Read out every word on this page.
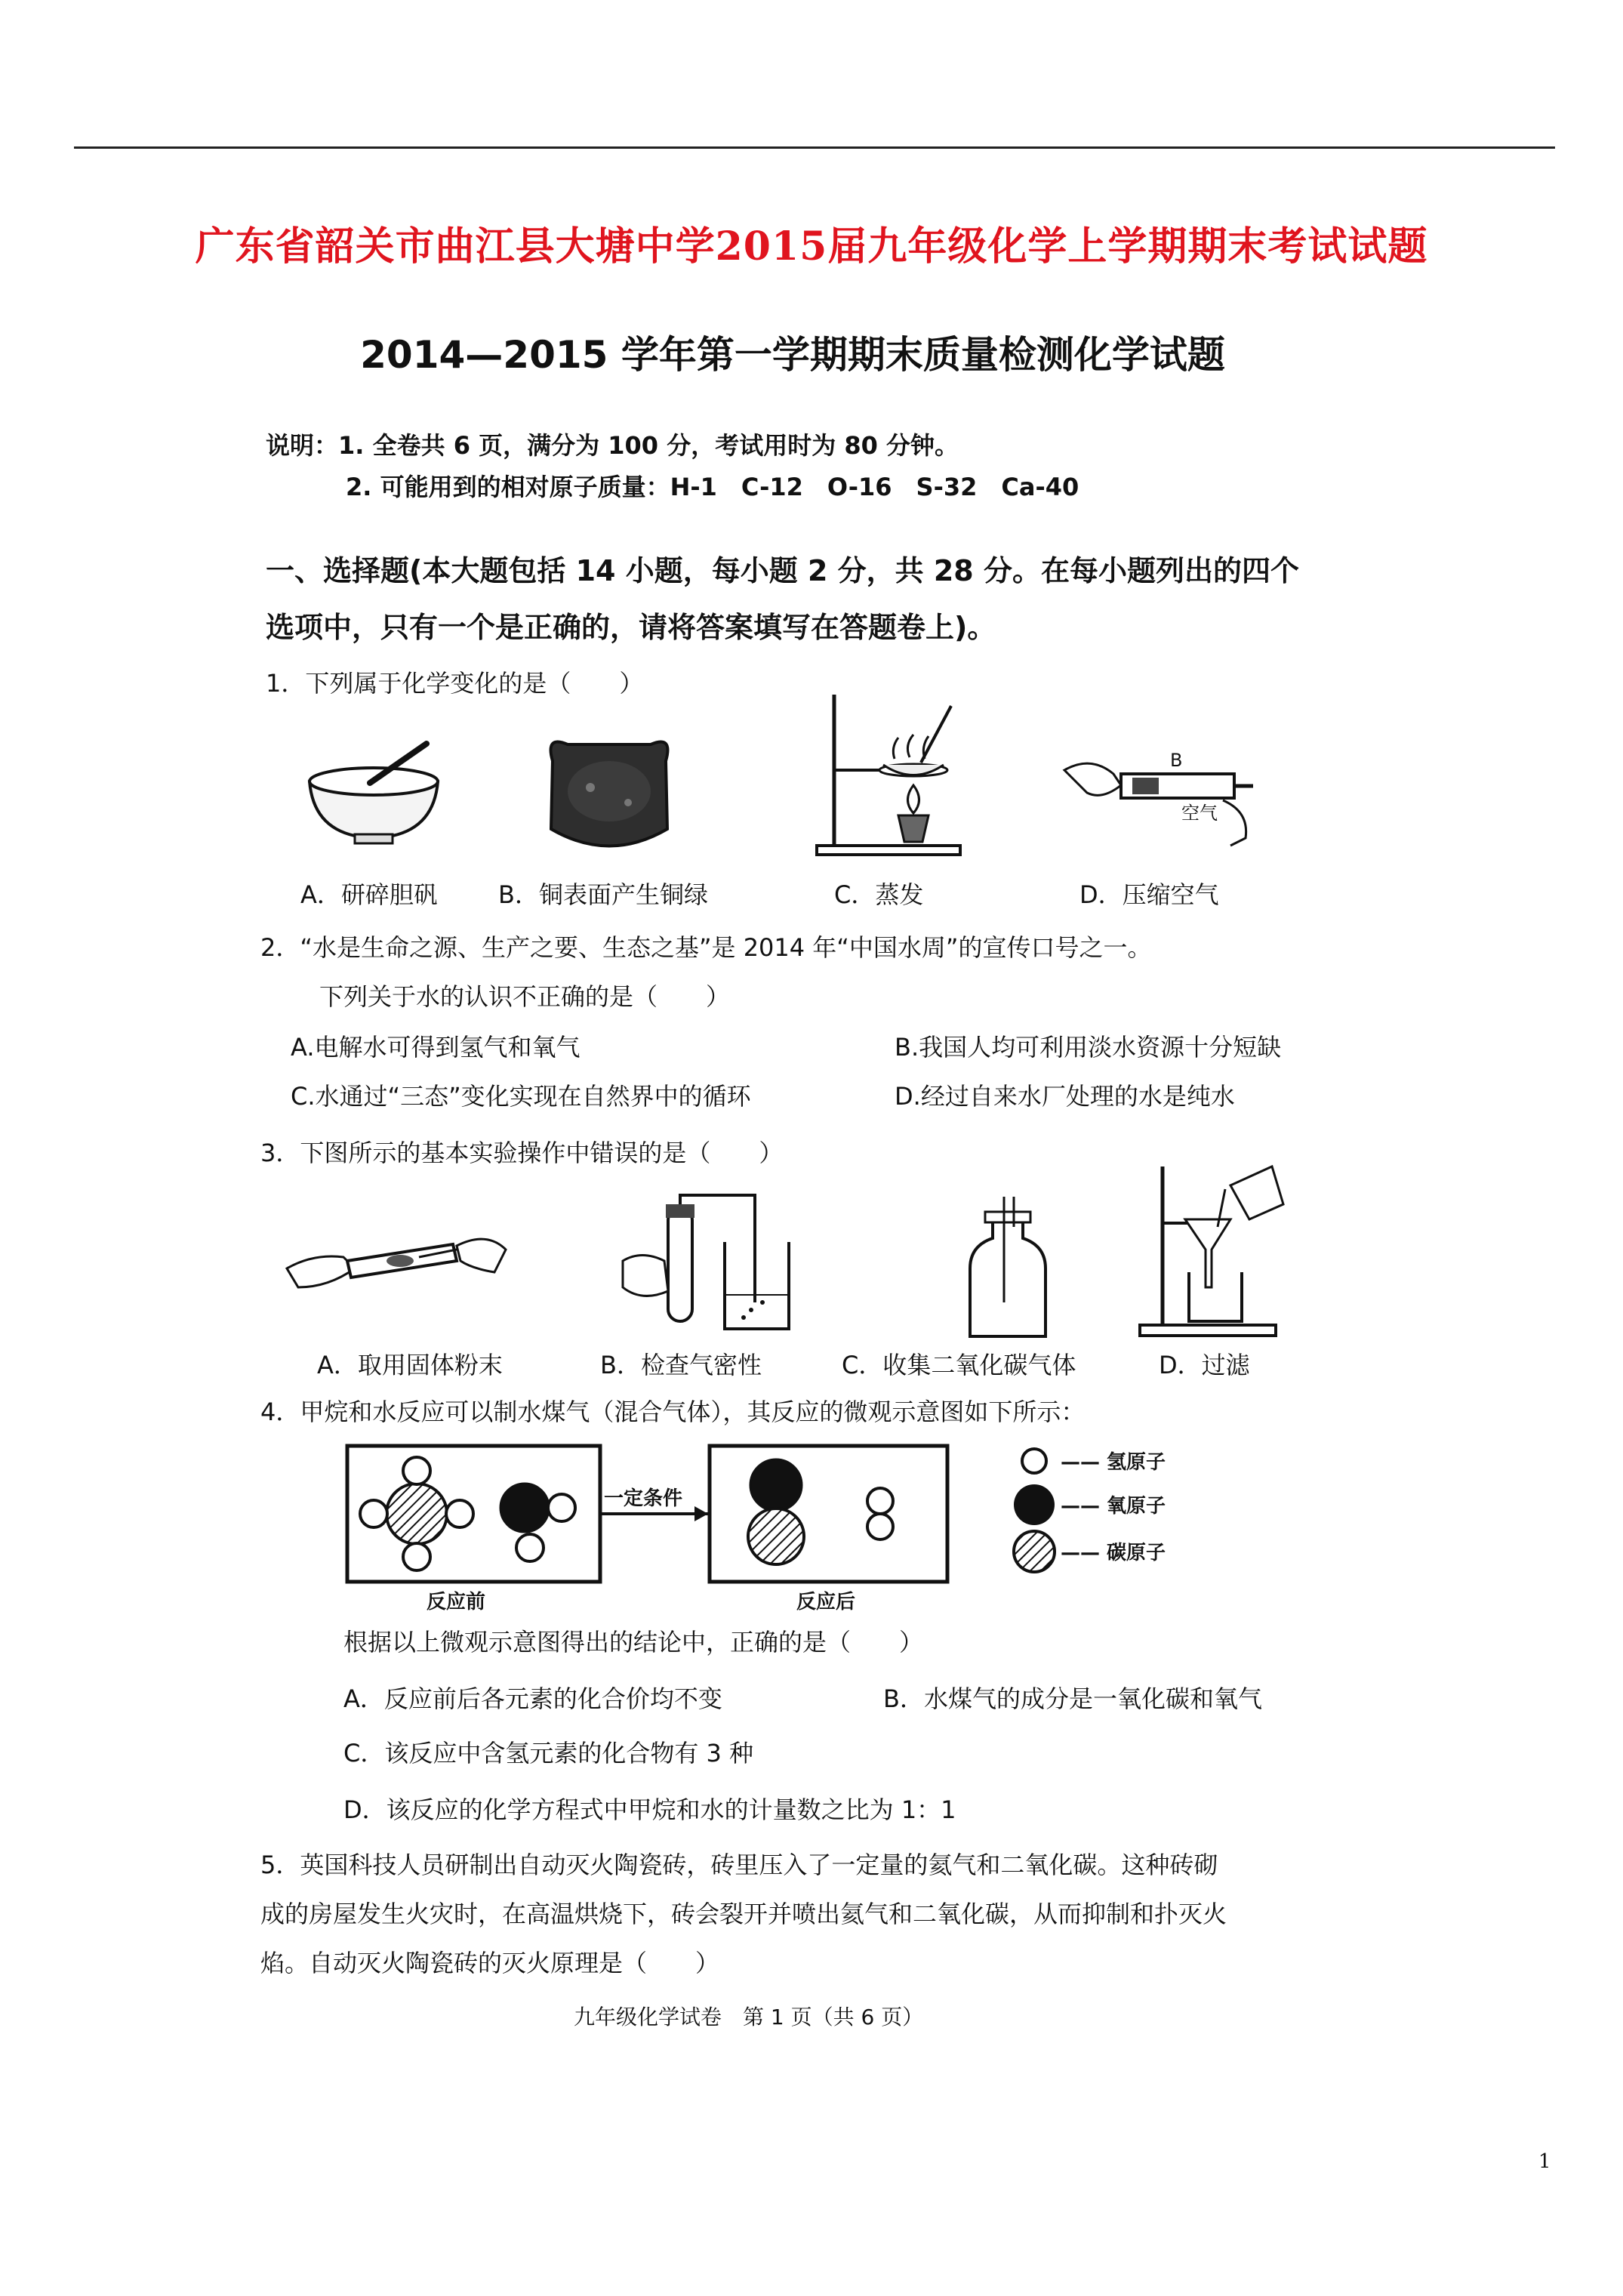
广东省韶关市曲江县大塘中学2015届九年级化学上学期期末考试试题
2014—2015 学年第一学期期末质量检测化学试题
说明：1. 全卷共 6 页，满分为 100 分，考试用时为 80 分钟。
2. 可能用到的相对原子质量：H-1　C-12　O-16　S-32　Ca-40
一、选择题(本大题包括 14 小题，每小题 2 分，共 28 分。在每小题列出的四个
选项中，只有一个是正确的，请将答案填写在答题卷上)。
1．下列属于化学变化的是（　　）
B
空气
A．研碎胆矾	B．铜表面产生铜绿	C．蒸发	D．压缩空气
2．“水是生命之源、生产之要、生态之基”是 2014 年“中国水周”的宣传口号之一。
下列关于水的认识不正确的是（　　）
A.电解水可得到氢气和氧气	B.我国人均可利用淡水资源十分短缺
C.水通过“三态”变化实现在自然界中的循环	D.经过自来水厂处理的水是纯水
3．下图所示的基本实验操作中错误的是（　　）
A．取用固体粉末	B．检查气密性	C．收集二氧化碳气体	D．过滤
4．甲烷和水反应可以制水煤气（混合气体），其反应的微观示意图如下所示：
一定条件
反应前	反应后
—— 氢原子
—— 氧原子
—— 碳原子
根据以上微观示意图得出的结论中，正确的是（　　）
A．反应前后各元素的化合价均不变	B．水煤气的成分是一氧化碳和氧气
C．该反应中含氢元素的化合物有 3 种
D．该反应的化学方程式中甲烷和水的计量数之比为 1：1
5．英国科技人员研制出自动灭火陶瓷砖，砖里压入了一定量的氦气和二氧化碳。这种砖砌
成的房屋发生火灾时，在高温烘烧下，砖会裂开并喷出氦气和二氧化碳，从而抑制和扑灭火
焰。自动灭火陶瓷砖的灭火原理是（　　）
九年级化学试卷　第 1 页（共 6 页）
1
